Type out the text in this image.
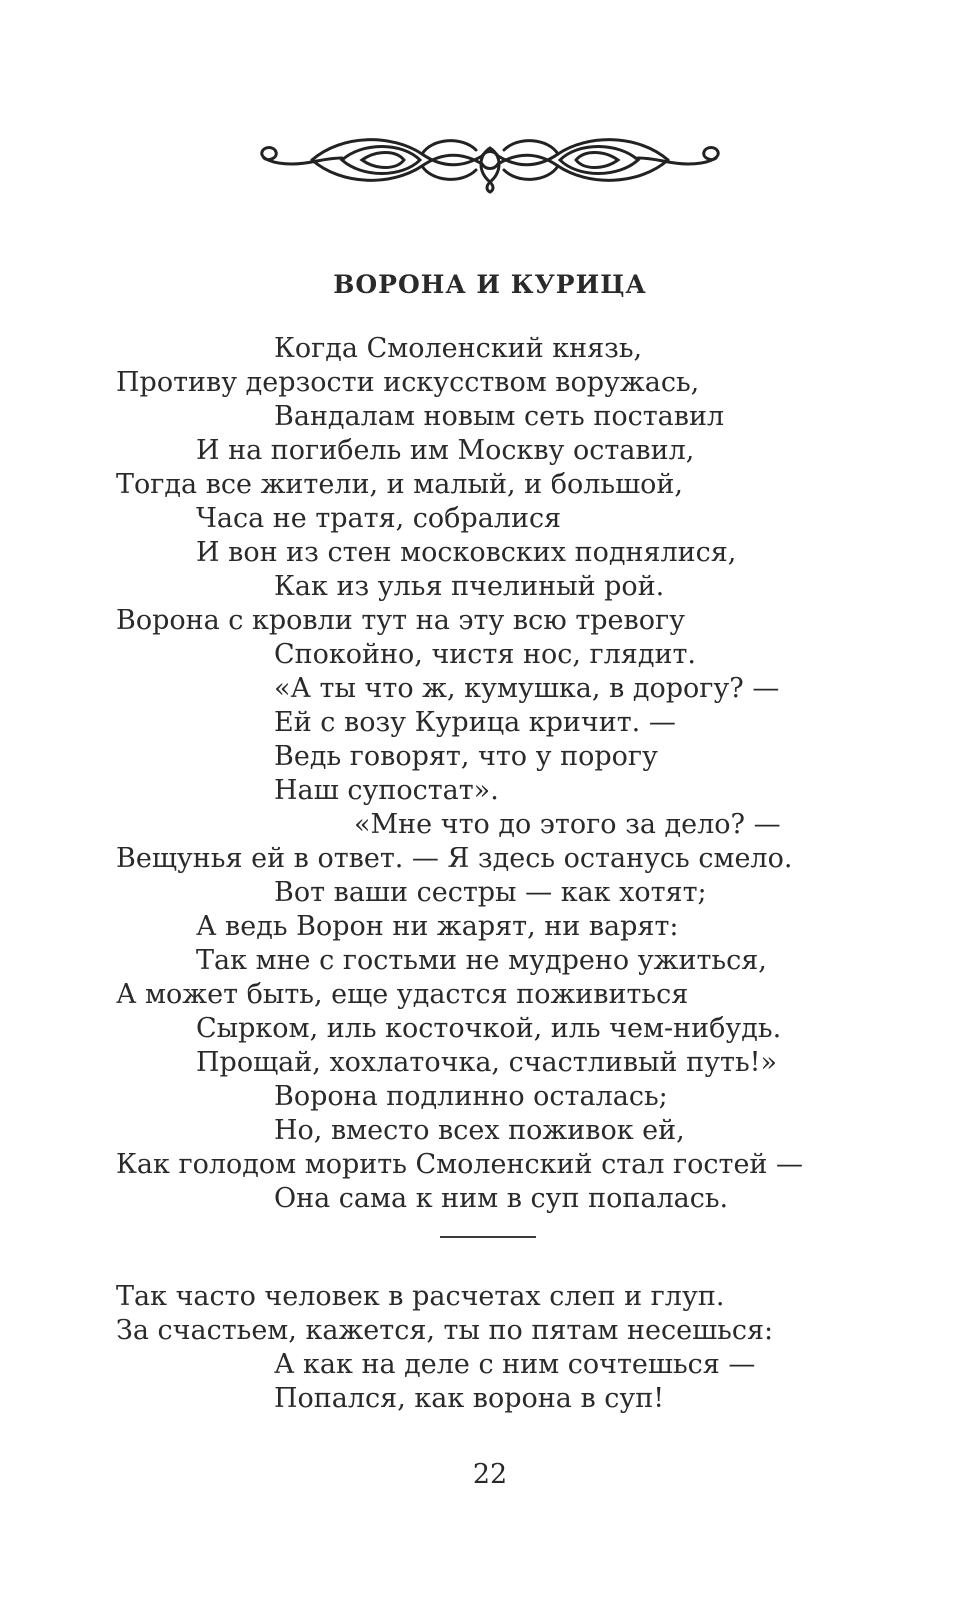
ВОРОНА И КУРИЦА
Когда Смоленский князь,
Противу дерзости искусством воружась,
Вандалам новым сеть поставил
И на погибель им Москву оставил,
Тогда все жители, и малый, и большой,
Часа не тратя, собралися
И вон из стен московских поднялися,
Как из улья пчелиный рой.
Ворона с кровли тут на эту всю тревогу
Спокойно, чистя нос, глядит.
«А ты что ж, кумушка, в дорогу? —
Ей с возу Курица кричит. —
Ведь говорят, что у порогу
Наш супостат».
«Мне что до этого за дело? —
Вещунья ей в ответ. — Я здесь останусь смело.
Вот ваши сестры — как хотят;
А ведь Ворон ни жарят, ни варят:
Так мне с гостьми не мудрено ужиться,
А может быть, еще удастся поживиться
Сырком, иль косточкой, иль чем-нибудь.
Прощай, хохлаточка, счастливый путь!»
Ворона подлинно осталась;
Но, вместо всех поживок ей,
Как голодом морить Смоленский стал гостей —
Она сама к ним в суп попалась.
Так часто человек в расчетах слеп и глуп.
За счастьем, кажется, ты по пятам несешься:
А как на деле с ним сочтешься —
Попался, как ворона в суп!
22
